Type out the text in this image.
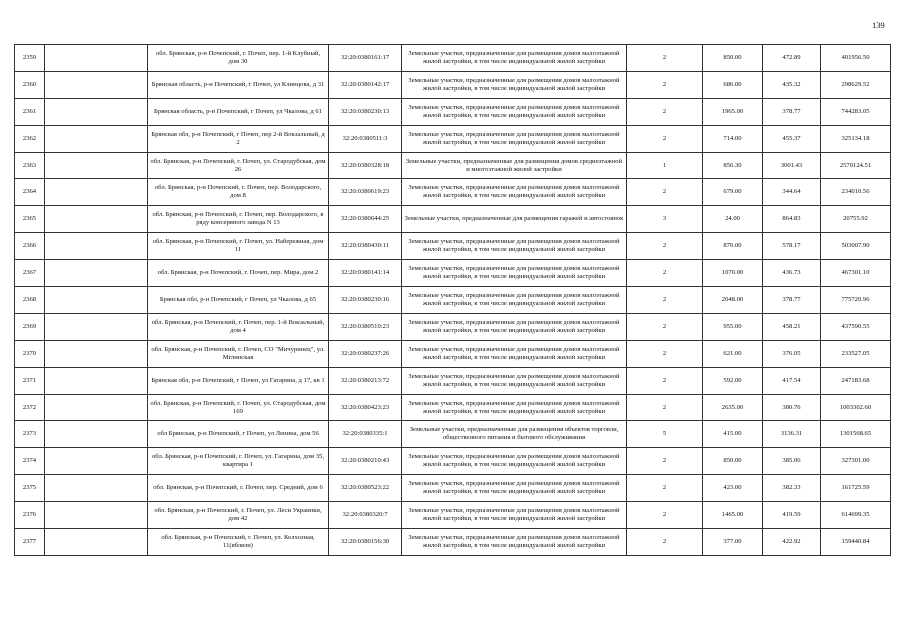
139
2359		обл. Брянская, р-н Почепский, г. Почеп, пер. 1-й Клубный, дом 30	32:20:0380161:17	Земельные участки, предназначенные для размещения домов малоэтажной жилой застройки, в том числе индивидуальной жилой застройки	2	850.00	472.89	401956.50
2360		Брянская область, р-н Почепский, г Почеп, ул Клинцова, д 31	32:20:0380142:17	Земельные участки, предназначенные для размещения домов малоэтажной жилой застройки, в том числе индивидуальной жилой застройки	2	686.00	435.32	298629.52
2361		Брянская область, р-н Почепский, г Почеп, ул Чкалова, д 61	32:20:0380230:13	Земельные участки, предназначенные для размещения домов малоэтажной жилой застройки, в том числе индивидуальной жилой застройки	2	1965.00	378.77	744283.05
2362		Брянская обл, р-н Почепский, г Почеп, пер 2-й Вокзальный, д 2	32:20:0380511:3	Земельные участки, предназначенные для размещения домов малоэтажной жилой застройки, в том числе индивидуальной жилой застройки	2	714.00	455.37	325134.18
2363		обл. Брянская, р-н Почепский, г. Почеп, ул. Стародубская, дом 26	32:20:0380328:18	Земельные участки, предназначенные для размещения домов среднеэтажной и многоэтажной жилой застройки	1	856.30	3001.43	2570124.51
2364		обл. Брянская, р-н Почепский, г. Почеп, пер. Володарского, дом 8	32:20:0380619:23	Земельные участки, предназначенные для размещения домов малоэтажной жилой застройки, в том числе индивидуальной жилой застройки	2	679.00	344.64	234010.56
2365		обл. Брянская, р-н Почепский, г. Почеп, пер. Володарского, в ряду консервного завода N 13	32:20:0380644:25	Земельные участки, предназначенные для размещения гаражей и автостоянок	3	24.00	864.83	20755.92
2366		обл. Брянская, р-н Почепский, г. Почеп, ул. Набережная, дом 11	32:20:0380430:11	Земельные участки, предназначенные для размещения домов малоэтажной жилой застройки, в том числе индивидуальной жилой застройки	2	870.00	578.17	503007.90
2367		обл. Брянская, р-н Почепский, г. Почеп, пер. Мира, дом 2	32:20:0380141:14	Земельные участки, предназначенные для размещения домов малоэтажной жилой застройки, в том числе индивидуальной жилой застройки	2	1070.00	436.73	467301.10
2368		Брянская обл, р-н Почепский, г Почеп, ул Чкалова, д 65	32:20:0380230:16	Земельные участки, предназначенные для размещения домов малоэтажной жилой застройки, в том числе индивидуальной жилой застройки	2	2048.00	378.77	775720.96
2369		обл. Брянская, р-н Почепский, г. Почеп, пер. 1-й Вокзальный, дом 4	32:20:0380510:23	Земельные участки, предназначенные для размещения домов малоэтажной жилой застройки, в том числе индивидуальной жилой застройки	2	955.00	458.21	437590.55
2370		обл. Брянская, р-н Почепский, г. Почеп, СО "Мичуринец", ул. Мглинская	32:20:0380237:26	Земельные участки, предназначенные для размещения домов малоэтажной жилой застройки, в том числе индивидуальной жилой застройки	2	621.00	376.05	233527.05
2371		Брянская обл, р-н Почепский, г Почеп, ул Гагарина, д 17, кв 1	32:20:0380213:72	Земельные участки, предназначенные для размещения домов малоэтажной жилой застройки, в том числе индивидуальной жилой застройки	2	592.00	417.54	247183.68
2372		обл. Брянская, р-н Почепский, г. Почеп, ул. Стародубская, дом 169	32:20:0380423:23	Земельные участки, предназначенные для размещения домов малоэтажной жилой застройки, в том числе индивидуальной жилой застройки	2	2635.00	380.76	1003302.60
2373		обл Брянская, р-н Почепский, г Почеп, ул Ленина, дом 56	32:20:0380335:1	Земельные участки, предназначенные для размещения объектов торговли, общественного питания и бытового обслуживания	5	415.00	3136.31	1301568.65
2374		обл. Брянская, р-н Почепский, г. Почеп, ул. Гагарина, дом 35, квартира 1	32:20:0380210:43	Земельные участки, предназначенные для размещения домов малоэтажной жилой застройки, в том числе индивидуальной жилой застройки	2	850.00	385.06	327301.00
2375		обл. Брянская, р-н Почепский, г. Почеп, пер. Средний, дом 6	32:20:0380523:22	Земельные участки, предназначенные для размещения домов малоэтажной жилой застройки, в том числе индивидуальной жилой застройки	2	423.00	382.33	161725.59
2376		обл. Брянская, р-н Почепский, г. Почеп, ул. Леси Украинки, дом 42	32:20:0380320:7	Земельные участки, предназначенные для размещения домов малоэтажной жилой застройки, в том числе индивидуальной жилой застройки	2	1465.00	419.59	614699.35
2377		обл. Брянская, р-н Почепский, г. Почеп, ул. Колхозная, 11(вблизи)	32:20:0380156:30	Земельные участки, предназначенные для размещения домов малоэтажной жилой застройки, в том числе индивидуальной жилой застройки	2	377.00	422.92	159440.84
